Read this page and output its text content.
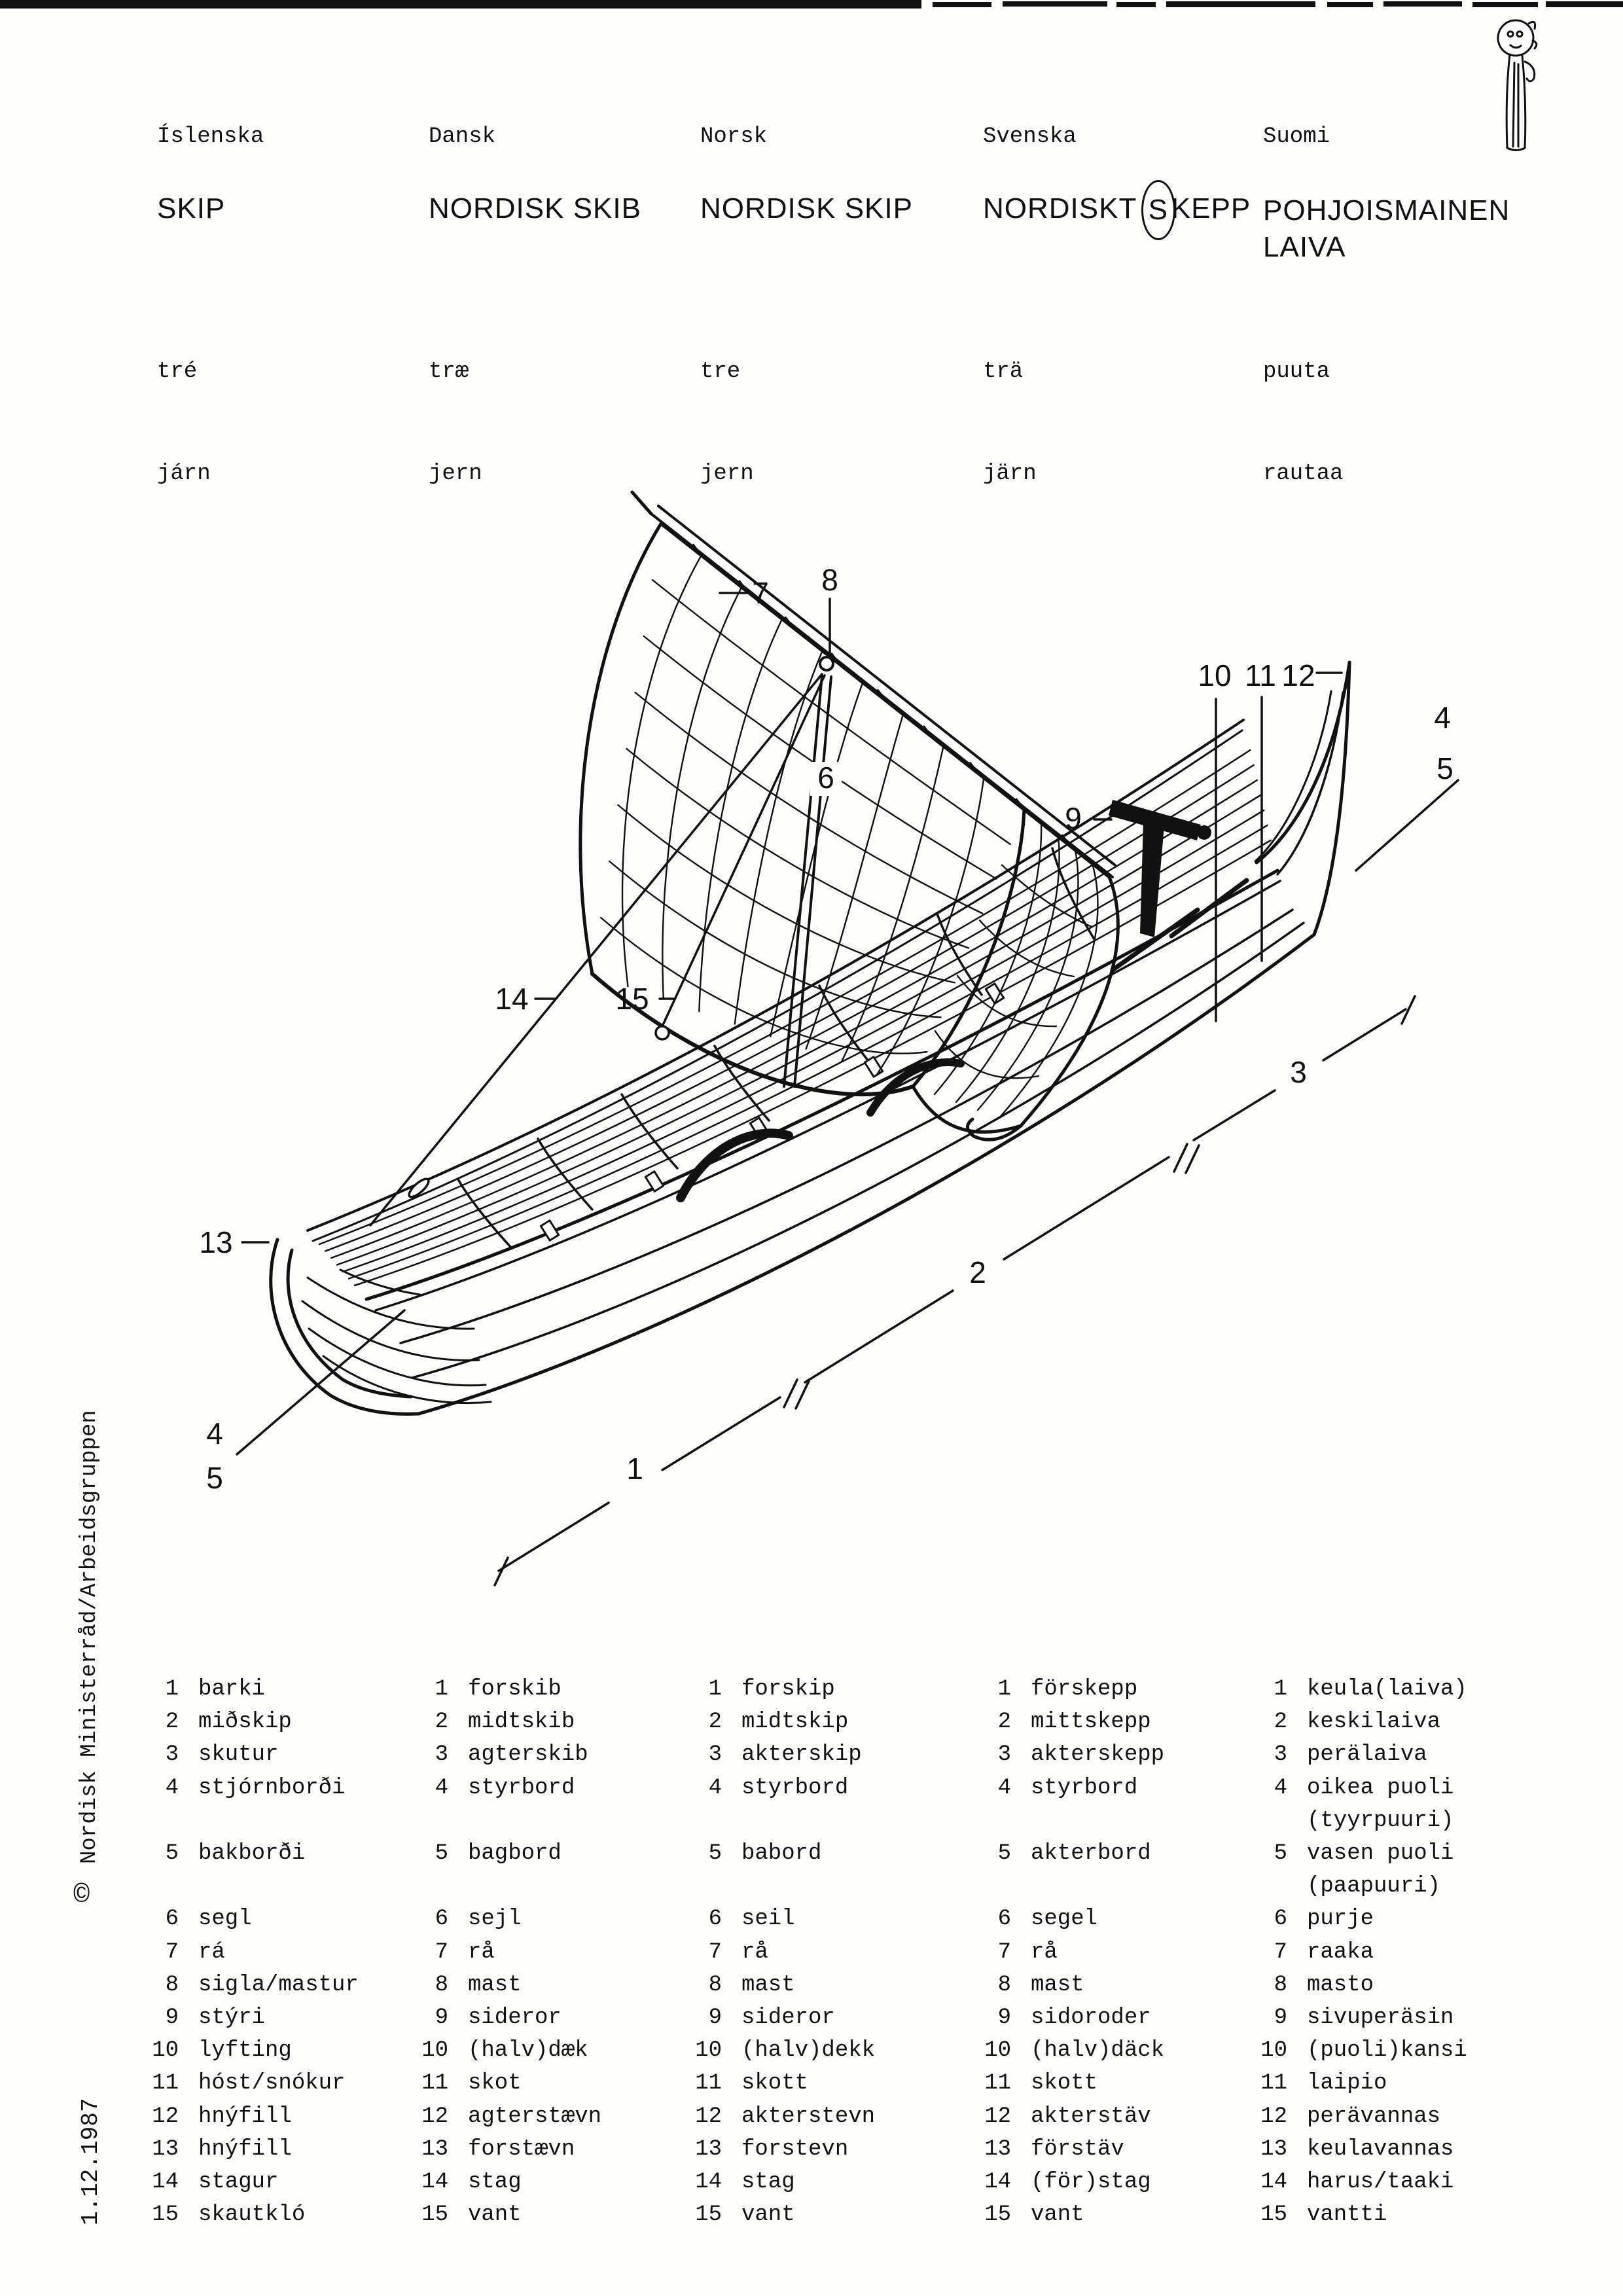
Íslenska
SKIP

tré

járn

Dansk
NORDISK SKIB

træ

jern

Norsk
NORDISK SKIP

tre

jern

Svenska
NORDISKT S KEPP

trä

järn

Suomi
POHJOISMAINEN
LAIVA

puuta

rautaa

7 8
10 11 12
4
5
9
6
14	15
13
4
5	1
2
3
Nordisk Ministerråd/Arbeidsgruppen
©
1.12.1987
1 barki
2 miðskip
3 skutur
4 stjórnborði
5 bakborði
6 segl
7 rá
8 sigla/mastur
9 stýri
10 lyfting
11 hóst/snókur
12 hnýfill
13 hnýfill
14 stagur
15 skautkló
1 forskib
2 midtskib
3 agterskib
4 styrbord
5 bagbord
6 sejl
7 rå
8 mast
9 sideror
10 (halv)dæk
11 skot
12 agterstævn
13 forstævn
14 stag
15 vant
1 forskip
2 midtskip
3 akterskip
4 styrbord
5 babord
6 seil
7 rå
8 mast
9 sideror
10 (halv)dekk
11 skott
12 akterstevn
13 forstevn
14 stag
15 vant
1 förskepp
2 mittskepp
3 akterskepp
4 styrbord
5 akterbord
6 segel
7 rå
8 mast
9 sidoroder
10 (halv)däck
11 skott
12 akterstäv
13 förstäv
14 (för)stag
15 vant
1 keula(laiva)
2 keskilaiva
3 perälaiva
4 oikea puoli
(tyyrpuuri)
5 vasen puoli
(paapuuri)
6 purje
7 raaka
8 masto
9 sivuperäsin
10 (puoli)kansi
11 laipio
12 perävannas
13 keulavannas
14 harus/taaki
15 vantti
